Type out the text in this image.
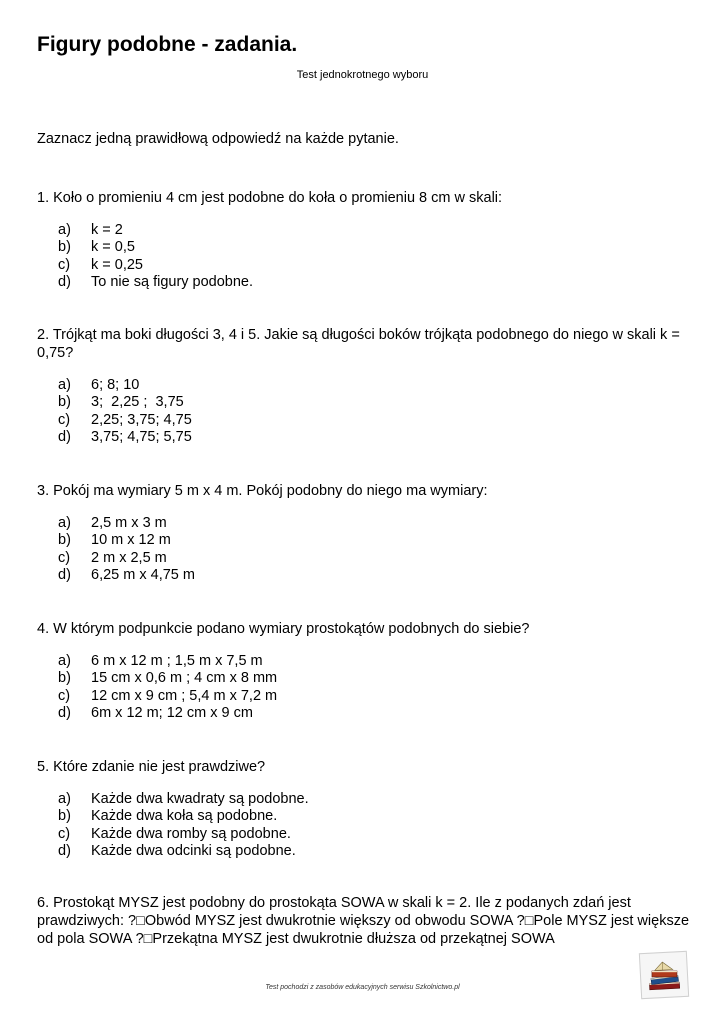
Figury podobne - zadania.
Test jednokrotnego wyboru
Zaznacz jedną prawidłową odpowiedź na każde pytanie.

1. Koło o promieniu 4 cm jest podobne do koła o promieniu 8 cm w skali:

a)	k = 2
b)	k = 0,5
c)	k = 0,25
d)	To nie są figury podobne.

2. Trójkąt ma boki długości 3, 4 i 5. Jakie są długości boków trójkąta podobnego do niego w skali k = 0,75?

a)	6; 8; 10
b)	3;  2,25 ;  3,75
c)	2,25; 3,75; 4,75
d)	3,75; 4,75; 5,75

3. Pokój ma wymiary 5 m x 4 m. Pokój podobny do niego ma wymiary:

a)	2,5 m x 3 m
b)	10 m x 12 m
c)	2 m x 2,5 m
d)	6,25 m x 4,75 m

4. W którym podpunkcie podano wymiary prostokątów podobnych do siebie?

a)	6 m x 12 m ; 1,5 m x 7,5 m
b)	15 cm x 0,6 m ; 4 cm x 8 mm
c)	12 cm x 9 cm ; 5,4 m x 7,2 m
d)	6m x 12 m; 12 cm x 9 cm

5. Które zdanie nie jest prawdziwe?

a)	Każde dwa kwadraty są podobne.
b)	Każde dwa koła są podobne.
c)	Każde dwa romby są podobne.
d)	Każde dwa odcinki są podobne.

6. Prostokąt MYSZ jest podobny do prostokąta SOWA w skali k = 2. Ile z podanych zdań jest prawdziwych: ?□Obwód MYSZ jest dwukrotnie większy od obwodu SOWA ?□Pole MYSZ jest większe od pola SOWA ?□Przekątna MYSZ jest dwukrotnie dłuższa od przekątnej SOWA

Test pochodzi z zasobów edukacyjnych serwisu Szkolnictwo.pl
